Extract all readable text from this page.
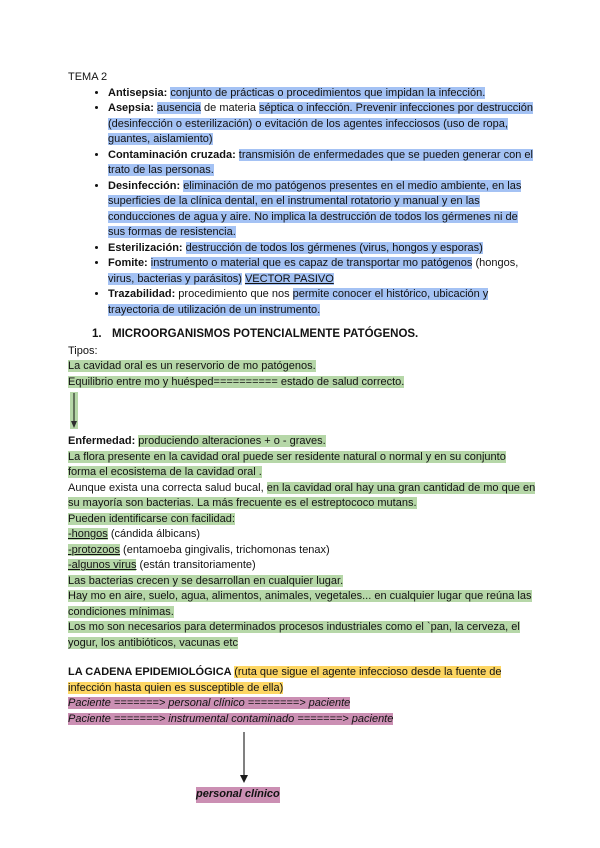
TEMA 2

• Antisepsia: conjunto de prácticas o procedimientos que impidan la infección.
• Asepsia: ausencia de materia séptica o infección. Prevenir infecciones por destrucción (desinfección o esterilización) o evitación de los agentes infecciosos (uso de ropa, guantes, aislamiento)
• Contaminación cruzada: transmisión de enfermedades que se pueden generar con el trato de las personas.
• Desinfección: eliminación de mo patógenos presentes en el medio ambiente, en las superficies de la clínica dental, en el instrumental rotatorio y manual y en las conducciones de agua y aire. No implica la destrucción de todos los gérmenes ni de sus formas de resistencia.
• Esterilización: destrucción de todos los gérmenes (virus, hongos y esporas)
• Fomite: instrumento o material que es capaz de transportar mo patógenos (hongos, virus, bacterias y parásitos) VECTOR PASIVO
• Trazabilidad: procedimiento que nos permite conocer el histórico, ubicación y trayectoria de utilización de un instrumento.
1. MICROORGANISMOS POTENCIALMENTE PATÓGENOS.

Tipos:

La cavidad oral es un reservorio de mo patógenos.

Equilibrio entre mo y huésped========== estado de salud correcto.

Enfermedad: produciendo alteraciones + o - graves.

La flora presente en la cavidad oral puede ser residente natural o normal y en su conjunto forma el ecosistema de la cavidad oral .

Aunque exista una correcta salud bucal, en la cavidad oral hay una gran cantidad de mo que en su mayoría son bacterias. La más frecuente es el estreptococo mutans.

Pueden identificarse con facilidad:

-hongos (cándida álbicans)

-protozoos (entamoeba gingivalis, trichomonas tenax)

-algunos virus (están transitoriamente)

Las bacterias crecen y se desarrollan en cualquier lugar.

Hay mo en aire, suelo, agua, alimentos, animales, vegetales... en cualquier lugar que reúna las condiciones mínimas.

Los mo son necesarios para determinados procesos industriales como el `pan, la cerveza, el yogur, los antibióticos, vacunas etc

LA CADENA EPIDEMIOLÓGICA (ruta que sigue el agente infeccioso desde la fuente de infección hasta quien es susceptible de ella)

Paciente =======> personal clínico ========> paciente

Paciente =======> instrumental contaminado =======> paciente

personal clínico
